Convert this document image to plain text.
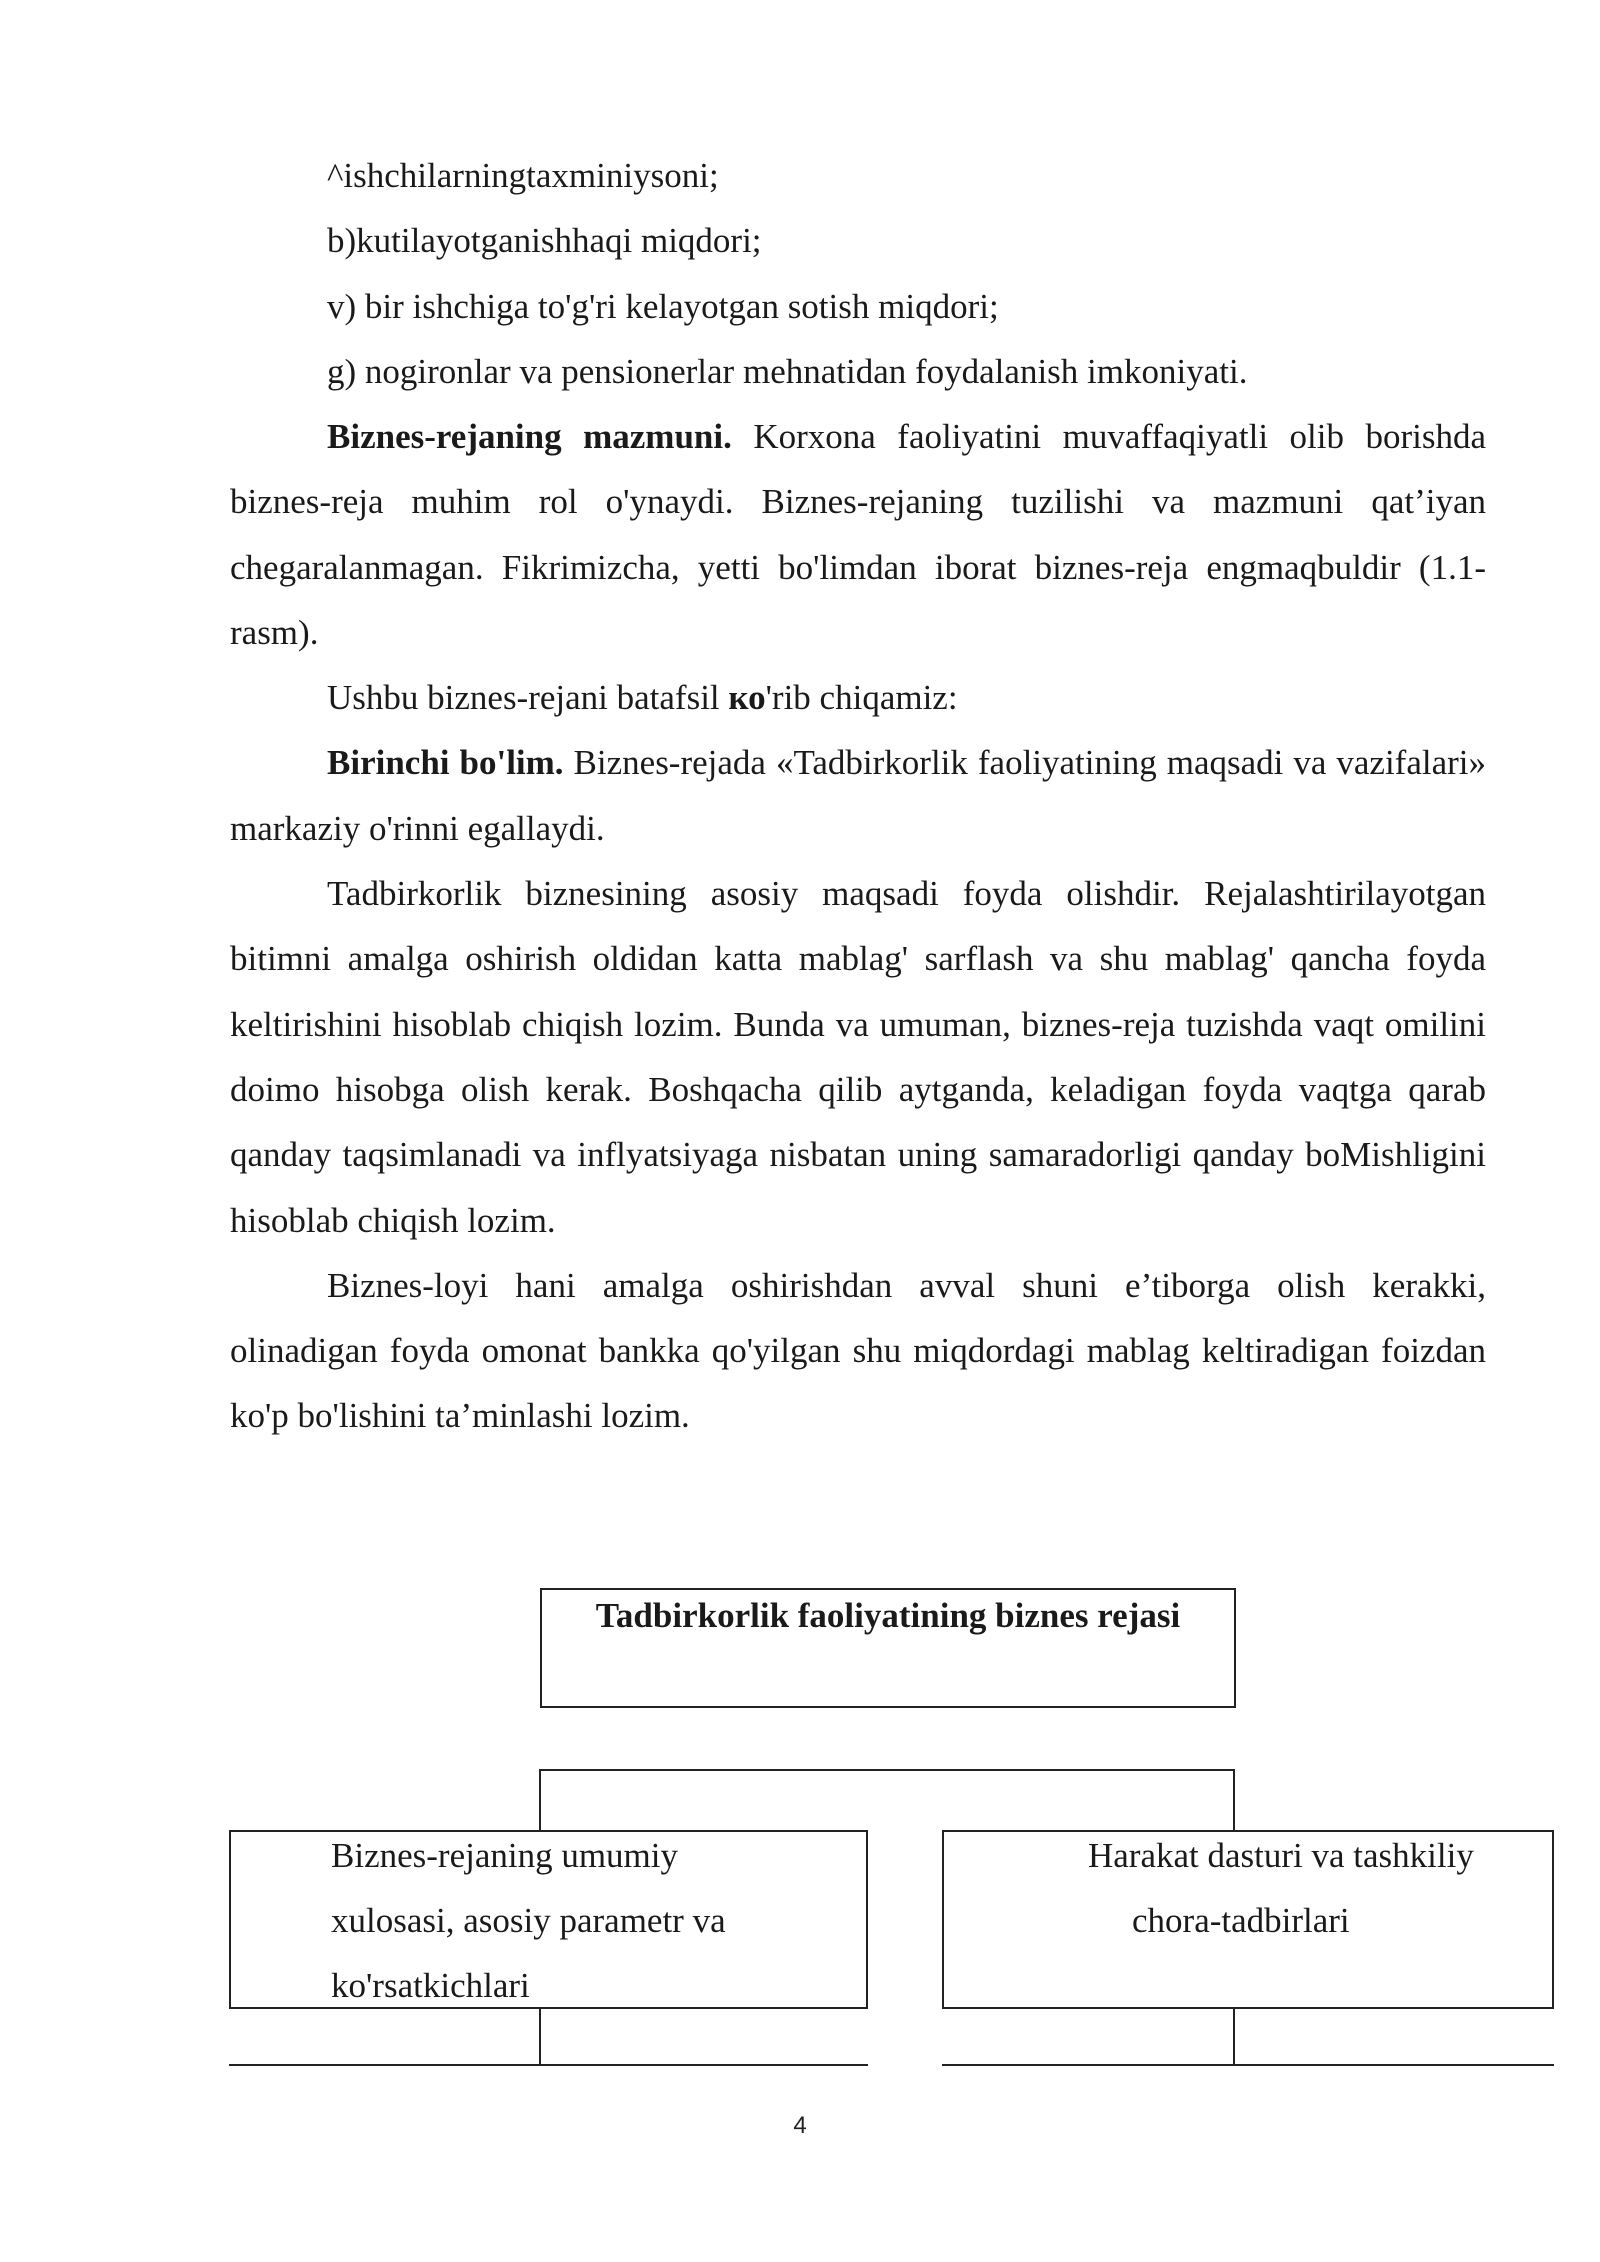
^ishchilarningtaxminiysoni;

b)kutilayotganishhaqi miqdori;

v) bir ishchiga to'g'ri kelayotgan sotish miqdori;

g) nogironlar va pensionerlar mehnatidan foydalanish imkoniyati.

Biznes-rejaning mazmuni. Korxona faoliyatini muvaffaqiyatli olib borishda biznes-reja muhim rol o'ynaydi. Biznes-rejaning tuzilishi va mazmuni qat’iyan chegaralanmagan. Fikrimizcha, yetti bo'limdan iborat biznes-reja engmaqbuldir (1.1-rasm).

Ushbu biznes-rejani batafsil ко'rib chiqamiz:

Birinchi bo'lim. Biznes-rejada «Tadbirkorlik faoliyatining maqsadi va vazifalari» markaziy o'rinni egallaydi.

Tadbirkorlik biznesining asosiy maqsadi foyda olishdir. Rejalashtirilayotgan bitimni amalga oshirish oldidan katta mablag' sarflash va shu mablag' qancha foyda keltirishini hisoblab chiqish lozim. Bunda va umuman, biznes-reja tuzishda vaqt omilini doimo hisobga olish kerak. Boshqacha qilib aytganda, keladigan foyda vaqtga qarab qanday taqsimlanadi va inflyatsiyaga nisbatan uning samaradorligi qanday boMishligini hisoblab chiqish lozim.

Biznes-loyi hani amalga oshirishdan avval shuni e’tiborga olish kerakki, olinadigan foyda omonat bankka qo'yilgan shu miqdordagi mablag keltiradigan foizdan ko'p bo'lishini ta’minlashi lozim.

Tadbirkorlik faoliyatining biznes rejasi
Biznes-rejaning umumiy xulosasi, asosiy parametr va ko'rsatkichlari
Harakat dasturi va tashkiliy chora-tadbirlari
4
